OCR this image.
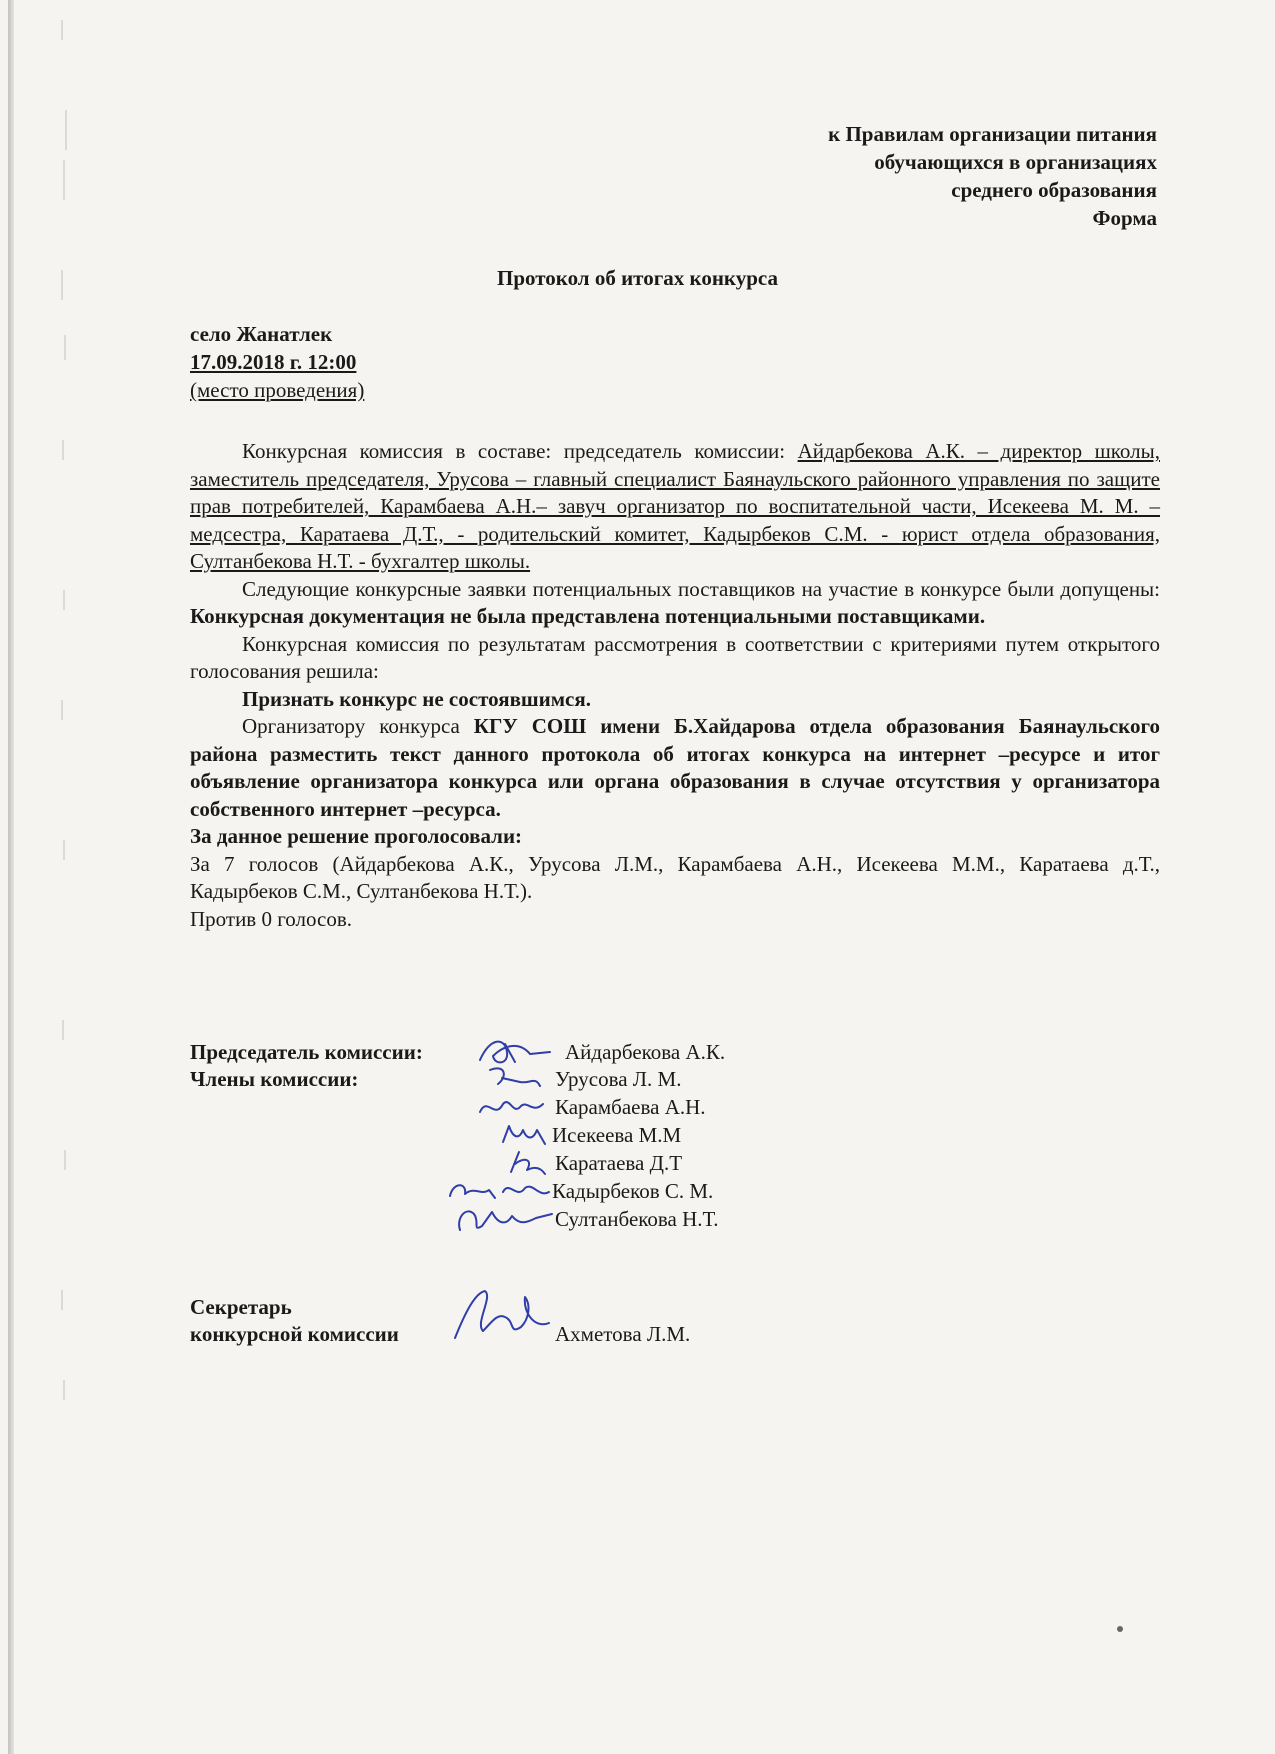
к Правилам организации питания
обучающихся в организациях
среднего образования
Форма
Протокол об итогах конкурса
село Жанатлек
17.09.2018 г. 12:00
(место проведения)

Конкурсная комиссия в составе: председатель комиссии: Айдарбекова А.К. – директор школы, заместитель председателя, Урусова – главный специалист Баянаульского районного управления по защите прав потребителей, Карамбаева А.Н.– завуч организатор по воспитательной части, Исекеева М. М. – медсестра, Каратаева Д.Т., - родительский комитет, Кадырбеков С.М. - юрист отдела образования, Султанбекова Н.Т. - бухгалтер школы.

Следующие конкурсные заявки потенциальных поставщиков на участие в конкурсе были допущены: Конкурсная документация не была представлена потенциальными поставщиками.

Конкурсная комиссия по результатам рассмотрения в соответствии с критериями путем открытого голосования решила:

Признать конкурс не состоявшимся.

Организатору конкурса КГУ СОШ имени Б.Хайдарова отдела образования Баянаульского района разместить текст данного протокола об итогах конкурса на интернет –ресурсе и итог объявление организатора конкурса или органа образования в случае отсутствия у организатора собственного интернет –ресурса.

За данное решение проголосовали:

За 7 голосов (Айдарбекова А.К., Урусова Л.М., Карамбаева А.Н., Исекеева М.М., Каратаева д.Т., Кадырбеков С.М., Султанбекова Н.Т.).

Против 0 голосов.

Председатель комиссии:	Айдарбекова А.К.
Члены комиссии:	Урусова Л. М.
Карамбаева А.Н.
Исекеева М.М
Каратаева Д.Т
Кадырбеков С. М.
Султанбекова Н.Т.
Секретарь
конкурсной комиссии	Ахметова Л.М.
